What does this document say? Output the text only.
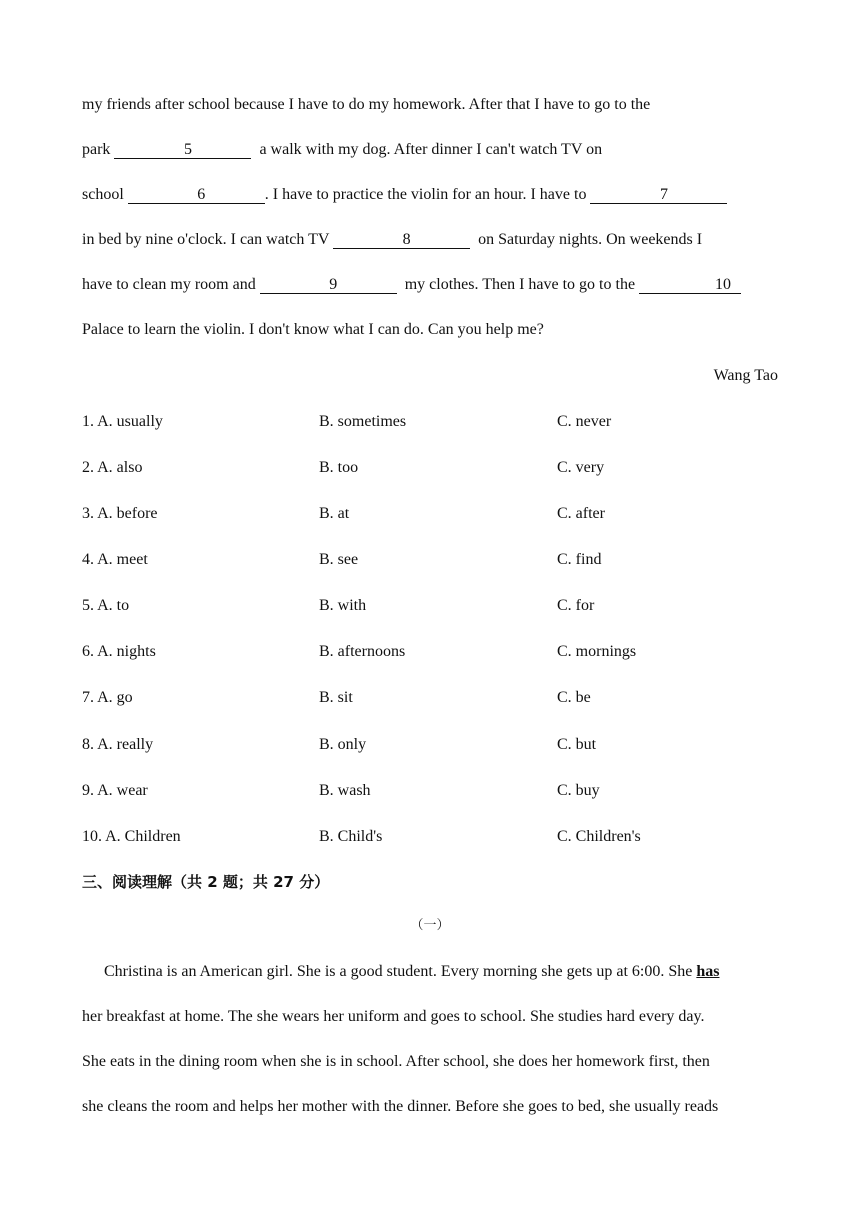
my friends after school because I have to do my homework. After that I have to go to the
park	5	a walk with my dog. After dinner I can't watch TV on
school	6	. I have to practice the violin for an hour. I have to	7
in bed by nine o'clock. I can watch TV	8	on Saturday nights. On weekends I
have to clean my room and	9	my clothes. Then I have to go to the	10
Palace to learn the violin. I don't know what I can do. Can you help me?
Wang Tao
1. A. usually	B. sometimes	C. never
2. A. also	B. too	C. very
3. A. before	B. at	C. after
4. A. meet	B. see	C. find
5. A. to	B. with	C. for
6. A. nights	B. afternoons	C. mornings
7. A. go	B. sit	C. be
8. A. really	B. only	C. but
9. A. wear	B. wash	C. buy
10. A. Children	B. Child's	C. Children's
三、阅读理解（共 2 题；共 27 分）
（一）
Christina is an American girl. She is a good student. Every morning she gets up at 6:00. She has
her breakfast at home. The she wears her uniform and goes to school. She studies hard every day.
She eats in the dining room when she is in school. After school, she does her homework first, then
she cleans the room and helps her mother with the dinner. Before she goes to bed, she usually reads
